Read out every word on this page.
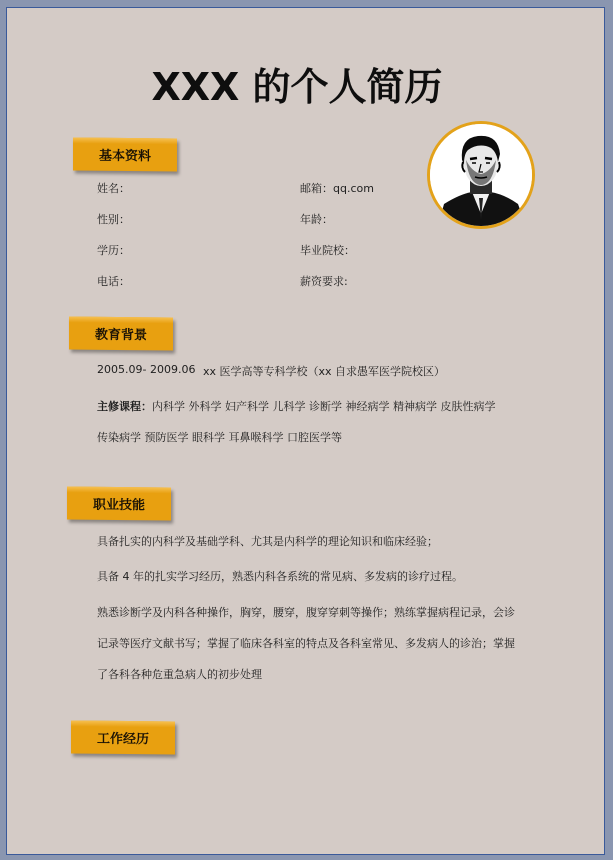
XXX 的个人简历
基本资料
姓名：	邮箱：qq.com
性别：	年龄：
学历：	毕业院校：
电话：	薪资要求:
教育背景
2005.09- 2009.06 xx 医学高等专科学校（xx 自求愚军医学院校区）
主修课程：内科学 外科学 妇产科学 儿科学 诊断学 神经病学 精神病学 皮肤性病学
传染病学 预防医学 眼科学 耳鼻喉科学 口腔医学等
职业技能
具备扎实的内科学及基础学科、尤其是内科学的理论知识和临床经验；
具备 4 年的扎实学习经历，熟悉内科各系统的常见病、多发病的诊疗过程。
熟悉诊断学及内科各种操作，胸穿，腰穿，腹穿穿刺等操作；熟练掌握病程记录，会诊
记录等医疗文献书写；掌握了临床各科室的特点及各科室常见、多发病人的诊治；掌握
了各科各种危重急病人的初步处理
工作经历
